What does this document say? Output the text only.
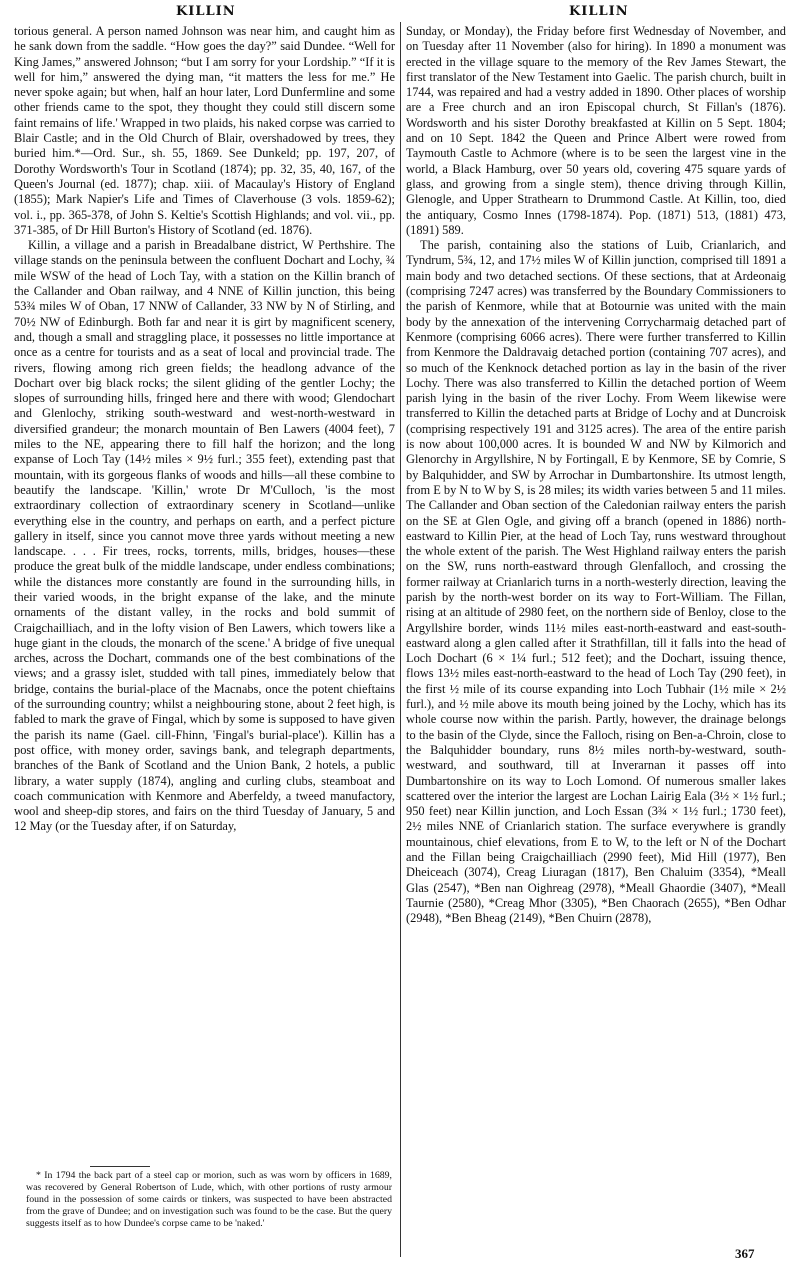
KILLIN	KILLIN

torious general. A person named Johnson was near him, and caught him as he sank down from the saddle. “How goes the day?” said Dundee. “Well for King James,” answered Johnson; “but I am sorry for your Lordship.” “If it is well for him,” answered the dying man, “it matters the less for me.” He never spoke again; but when, half an hour later, Lord Dunfermline and some other friends came to the spot, they thought they could still discern some faint remains of life.' Wrapped in two plaids, his naked corpse was carried to Blair Castle; and in the Old Church of Blair, overshadowed by trees, they buried him.*—Ord. Sur., sh. 55, 1869. See Dunkeld; pp. 197, 207, of Dorothy Wordsworth's Tour in Scotland (1874); pp. 32, 35, 40, 167, of the Queen's Journal (ed. 1877); chap. xiii. of Macaulay's History of England (1855); Mark Napier's Life and Times of Claverhouse (3 vols. 1859-62); vol. i., pp. 365-378, of John S. Keltie's Scottish Highlands; and vol. vii., pp. 371-385, of Dr Hill Burton's History of Scotland (ed. 1876).

Killin, a village and a parish in Breadalbane district, W Perthshire. The village stands on the peninsula between the confluent Dochart and Lochy, ¾ mile WSW of the head of Loch Tay, with a station on the Killin branch of the Callander and Oban railway, and 4 NNE of Killin junction, this being 53¾ miles W of Oban, 17 NNW of Callander, 33 NW by N of Stirling, and 70½ NW of Edinburgh. Both far and near it is girt by magnificent scenery, and, though a small and straggling place, it possesses no little importance at once as a centre for tourists and as a seat of local and provincial trade. The rivers, flowing among rich green fields; the headlong advance of the Dochart over big black rocks; the silent gliding of the gentler Lochy; the slopes of surrounding hills, fringed here and there with wood; Glendochart and Glenlochy, striking south-westward and west-north-westward in diversified grandeur; the monarch mountain of Ben Lawers (4004 feet), 7 miles to the NE, appearing there to fill half the horizon; and the long expanse of Loch Tay (14½ miles × 9½ furl.; 355 feet), extending past that mountain, with its gorgeous flanks of woods and hills—all these combine to beautify the landscape. 'Killin,' wrote Dr M'Culloch, 'is the most extraordinary collection of extraordinary scenery in Scotland—unlike everything else in the country, and perhaps on earth, and a perfect picture gallery in itself, since you cannot move three yards without meeting a new landscape. . . . Fir trees, rocks, torrents, mills, bridges, houses—these produce the great bulk of the middle landscape, under endless combinations; while the distances more constantly are found in the surrounding hills, in their varied woods, in the bright expanse of the lake, and the minute ornaments of the distant valley, in the rocks and bold summit of Craigchailliach, and in the lofty vision of Ben Lawers, which towers like a huge giant in the clouds, the monarch of the scene.' A bridge of five unequal arches, across the Dochart, commands one of the best combinations of the views; and a grassy islet, studded with tall pines, immediately below that bridge, contains the burial-place of the Macnabs, once the potent chieftains of the surrounding country; whilst a neighbouring stone, about 2 feet high, is fabled to mark the grave of Fingal, which by some is supposed to have given the parish its name (Gael. cill-Fhinn, 'Fingal's burial-place'). Killin has a post office, with money order, savings bank, and telegraph departments, branches of the Bank of Scotland and the Union Bank, 2 hotels, a public library, a water supply (1874), angling and curling clubs, steamboat and coach communication with Kenmore and Aberfeldy, a tweed manufactory, wool and sheep-dip stores, and fairs on the third Tuesday of January, 5 and 12 May (or the Tuesday after, if on Saturday,

* In 1794 the back part of a steel cap or morion, such as was worn by officers in 1689, was recovered by General Robertson of Lude, which, with other portions of rusty armour found in the possession of some cairds or tinkers, was suspected to have been abstracted from the grave of Dundee; and on investigation such was found to be the case. But the query suggests itself as to how Dundee's corpse came to be 'naked.'

Sunday, or Monday), the Friday before first Wednesday of November, and on Tuesday after 11 November (also for hiring). In 1890 a monument was erected in the village square to the memory of the Rev James Stewart, the first translator of the New Testament into Gaelic. The parish church, built in 1744, was repaired and had a vestry added in 1890. Other places of worship are a Free church and an iron Episcopal church, St Fillan's (1876). Wordsworth and his sister Dorothy breakfasted at Killin on 5 Sept. 1804; and on 10 Sept. 1842 the Queen and Prince Albert were rowed from Taymouth Castle to Achmore (where is to be seen the largest vine in the world, a Black Hamburg, over 50 years old, covering 475 square yards of glass, and growing from a single stem), thence driving through Killin, Glenogle, and Upper Strathearn to Drummond Castle. At Killin, too, died the antiquary, Cosmo Innes (1798-1874). Pop. (1871) 513, (1881) 473, (1891) 589.

The parish, containing also the stations of Luib, Crianlarich, and Tyndrum, 5¾, 12, and 17½ miles W of Killin junction, comprised till 1891 a main body and two detached sections. Of these sections, that at Ardeonaig (comprising 7247 acres) was transferred by the Boundary Commissioners to the parish of Kenmore, while that at Botournie was united with the main body by the annexation of the intervening Corrycharmaig detached part of Kenmore (comprising 6066 acres). There were further transferred to Killin from Kenmore the Daldravaig detached portion (containing 707 acres), and so much of the Kenknock detached portion as lay in the basin of the river Lochy. There was also transferred to Killin the detached portion of Weem parish lying in the basin of the river Lochy. From Weem likewise were transferred to Killin the detached parts at Bridge of Lochy and at Duncroisk (comprising respectively 191 and 3125 acres). The area of the entire parish is now about 100,000 acres. It is bounded W and NW by Kilmorich and Glenorchy in Argyllshire, N by Fortingall, E by Kenmore, SE by Comrie, S by Balquhidder, and SW by Arrochar in Dumbartonshire. Its utmost length, from E by N to W by S, is 28 miles; its width varies between 5 and 11 miles. The Callander and Oban section of the Caledonian railway enters the parish on the SE at Glen Ogle, and giving off a branch (opened in 1886) north-eastward to Killin Pier, at the head of Loch Tay, runs westward throughout the whole extent of the parish. The West Highland railway enters the parish on the SW, runs north-eastward through Glenfalloch, and crossing the former railway at Crianlarich turns in a north-westerly direction, leaving the parish by the north-west border on its way to Fort-William. The Fillan, rising at an altitude of 2980 feet, on the northern side of Benloy, close to the Argyllshire border, winds 11½ miles east-north-eastward and east-south-eastward along a glen called after it Strathfillan, till it falls into the head of Loch Dochart (6 × 1¼ furl.; 512 feet); and the Dochart, issuing thence, flows 13½ miles east-north-eastward to the head of Loch Tay (290 feet), in the first ½ mile of its course expanding into Loch Tubhair (1½ mile × 2½ furl.), and ½ mile above its mouth being joined by the Lochy, which has its whole course now within the parish. Partly, however, the drainage belongs to the basin of the Clyde, since the Falloch, rising on Ben-a-Chroin, close to the Balquhidder boundary, runs 8½ miles north-by-westward, south-westward, and southward, till at Inverarnan it passes off into Dumbartonshire on its way to Loch Lomond. Of numerous smaller lakes scattered over the interior the largest are Lochan Lairig Eala (3½ × 1½ furl.; 950 feet) near Killin junction, and Loch Essan (3¾ × 1½ furl.; 1730 feet), 2½ miles NNE of Crianlarich station. The surface everywhere is grandly mountainous, chief elevations, from E to W, to the left or N of the Dochart and the Fillan being Craigchailliach (2990 feet), Mid Hill (1977), Ben Dheiceach (3074), Creag Liuragan (1817), Ben Chaluim (3354), *Meall Glas (2547), *Ben nan Oighreag (2978), *Meall Ghaordie (3407), *Meall Taurnie (2580), *Creag Mhor (3305), *Ben Chaorach (2655), *Ben Odhar (2948), *Ben Bheag (2149), *Ben Chuirn (2878),

367
